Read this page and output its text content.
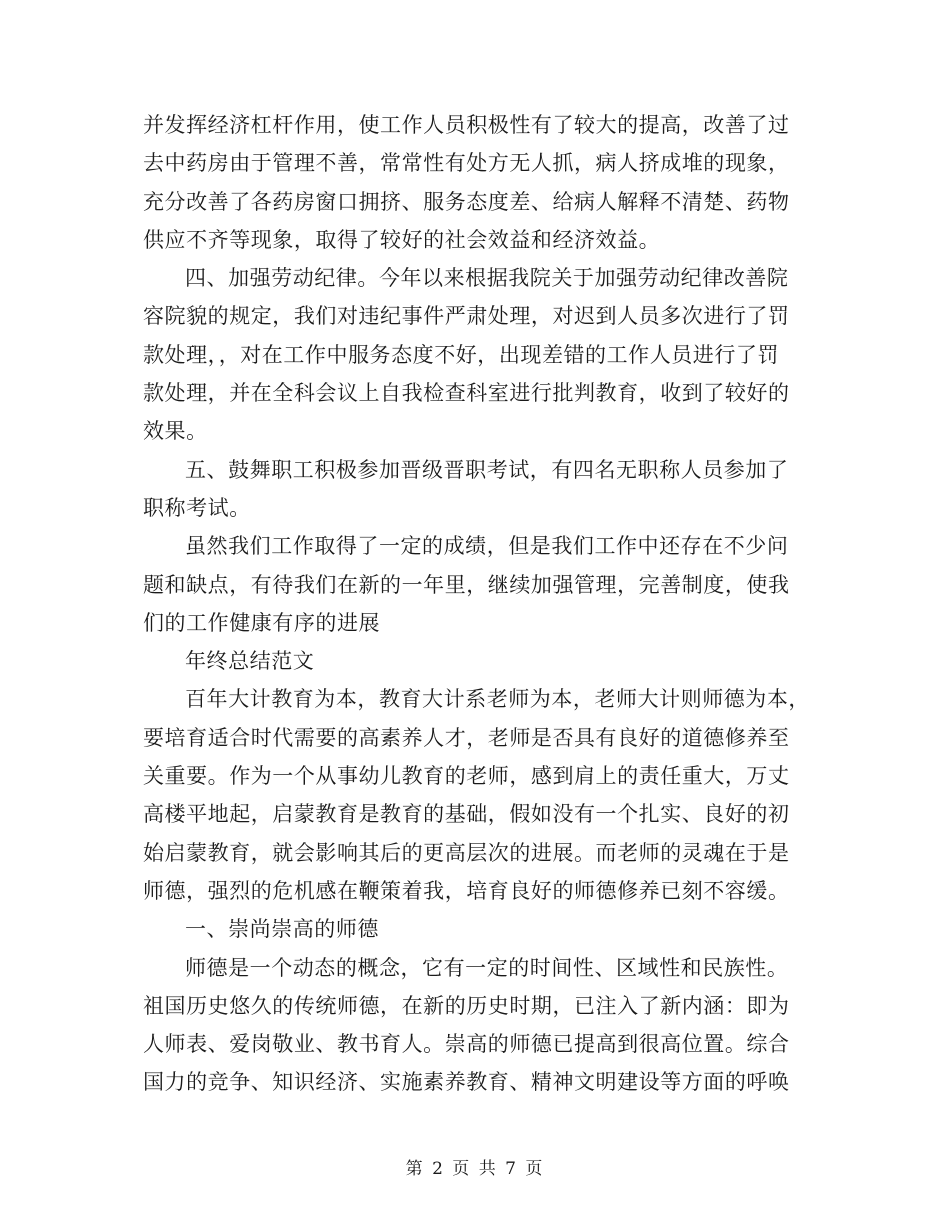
并发挥经济杠杆作用，使工作人员积极性有了较大的提高，改善了过
去中药房由于管理不善，常常性有处方无人抓，病人挤成堆的现象，
充分改善了各药房窗口拥挤、服务态度差、给病人解释不清楚、药物
供应不齐等现象，取得了较好的社会效益和经济效益。
四、加强劳动纪律。今年以来根据我院关于加强劳动纪律改善院
容院貌的规定，我们对违纪事件严肃处理，对迟到人员多次进行了罚
款处理，，对在工作中服务态度不好，出现差错的工作人员进行了罚
款处理，并在全科会议上自我检查科室进行批判教育，收到了较好的
效果。
五、鼓舞职工积极参加晋级晋职考试，有四名无职称人员参加了
职称考试。
虽然我们工作取得了一定的成绩，但是我们工作中还存在不少问
题和缺点，有待我们在新的一年里，继续加强管理，完善制度，使我
们的工作健康有序的进展
年终总结范文
百年大计教育为本，教育大计系老师为本，老师大计则师德为本，
要培育适合时代需要的高素养人才，老师是否具有良好的道德修养至
关重要。作为一个从事幼儿教育的老师，感到肩上的责任重大，万丈
高楼平地起，启蒙教育是教育的基础，假如没有一个扎实、良好的初
始启蒙教育，就会影响其后的更高层次的进展。而老师的灵魂在于是
师德，强烈的危机感在鞭策着我，培育良好的师德修养已刻不容缓。
一、崇尚崇高的师德
师德是一个动态的概念，它有一定的时间性、区域性和民族性。
祖国历史悠久的传统师德，在新的历史时期，已注入了新内涵：即为
人师表、爱岗敬业、教书育人。崇高的师德已提高到很高位置。综合
国力的竞争、知识经济、实施素养教育、精神文明建设等方面的呼唤
第 2 页 共 7 页
